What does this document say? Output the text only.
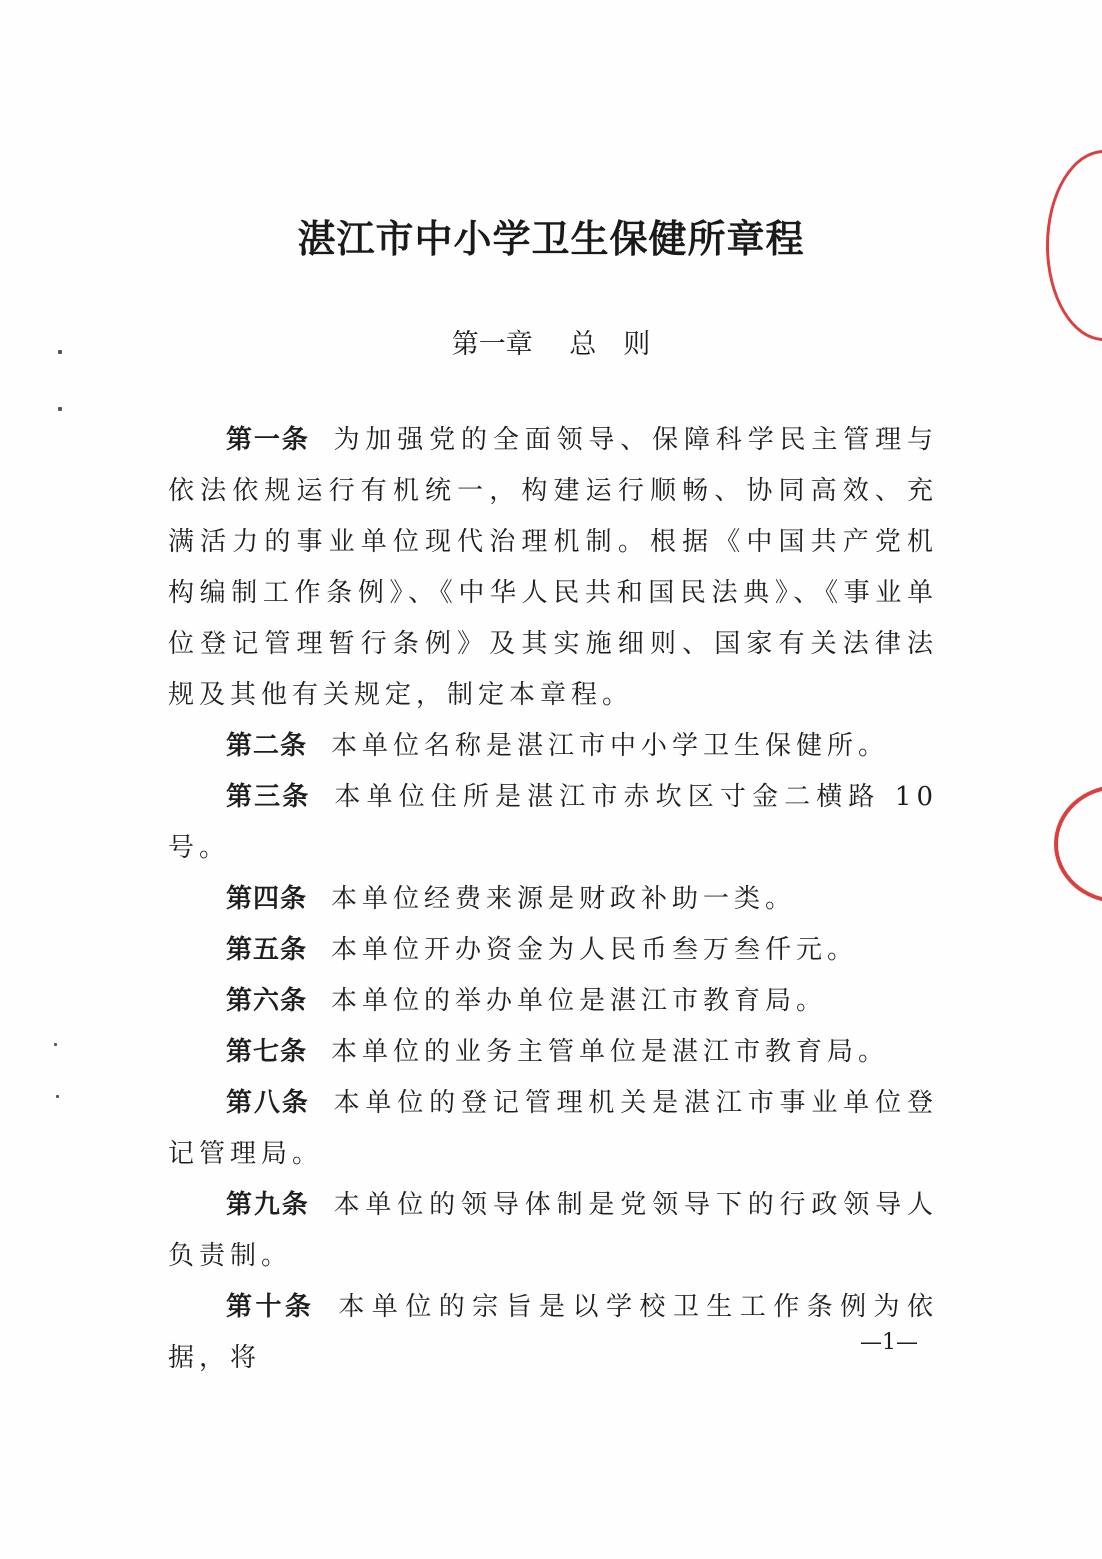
湛江市中小学卫生保健所章程
第一章 总　则

第一条 为加强党的全面领导、保障科学民主管理与依法依规运行有机统一，构建运行顺畅、协同高效、充满活力的事业单位现代治理机制。根据《中国共产党机构编制工作条例》、《中华人民共和国民法典》、《事业单位登记管理暂行条例》及其实施细则、国家有关法律法规及其他有关规定，制定本章程。

第二条 本单位名称是湛江市中小学卫生保健所。

第三条 本单位住所是湛江市赤坎区寸金二横路 10 号。

第四条 本单位经费来源是财政补助一类。

第五条 本单位开办资金为人民币叁万叁仟元。

第六条 本单位的举办单位是湛江市教育局。

第七条 本单位的业务主管单位是湛江市教育局。

第八条 本单位的登记管理机关是湛江市事业单位登记管理局。

第九条 本单位的领导体制是党领导下的行政领导人负责制。

第十条 本单位的宗旨是以学校卫生工作条例为依据，将

—1—
